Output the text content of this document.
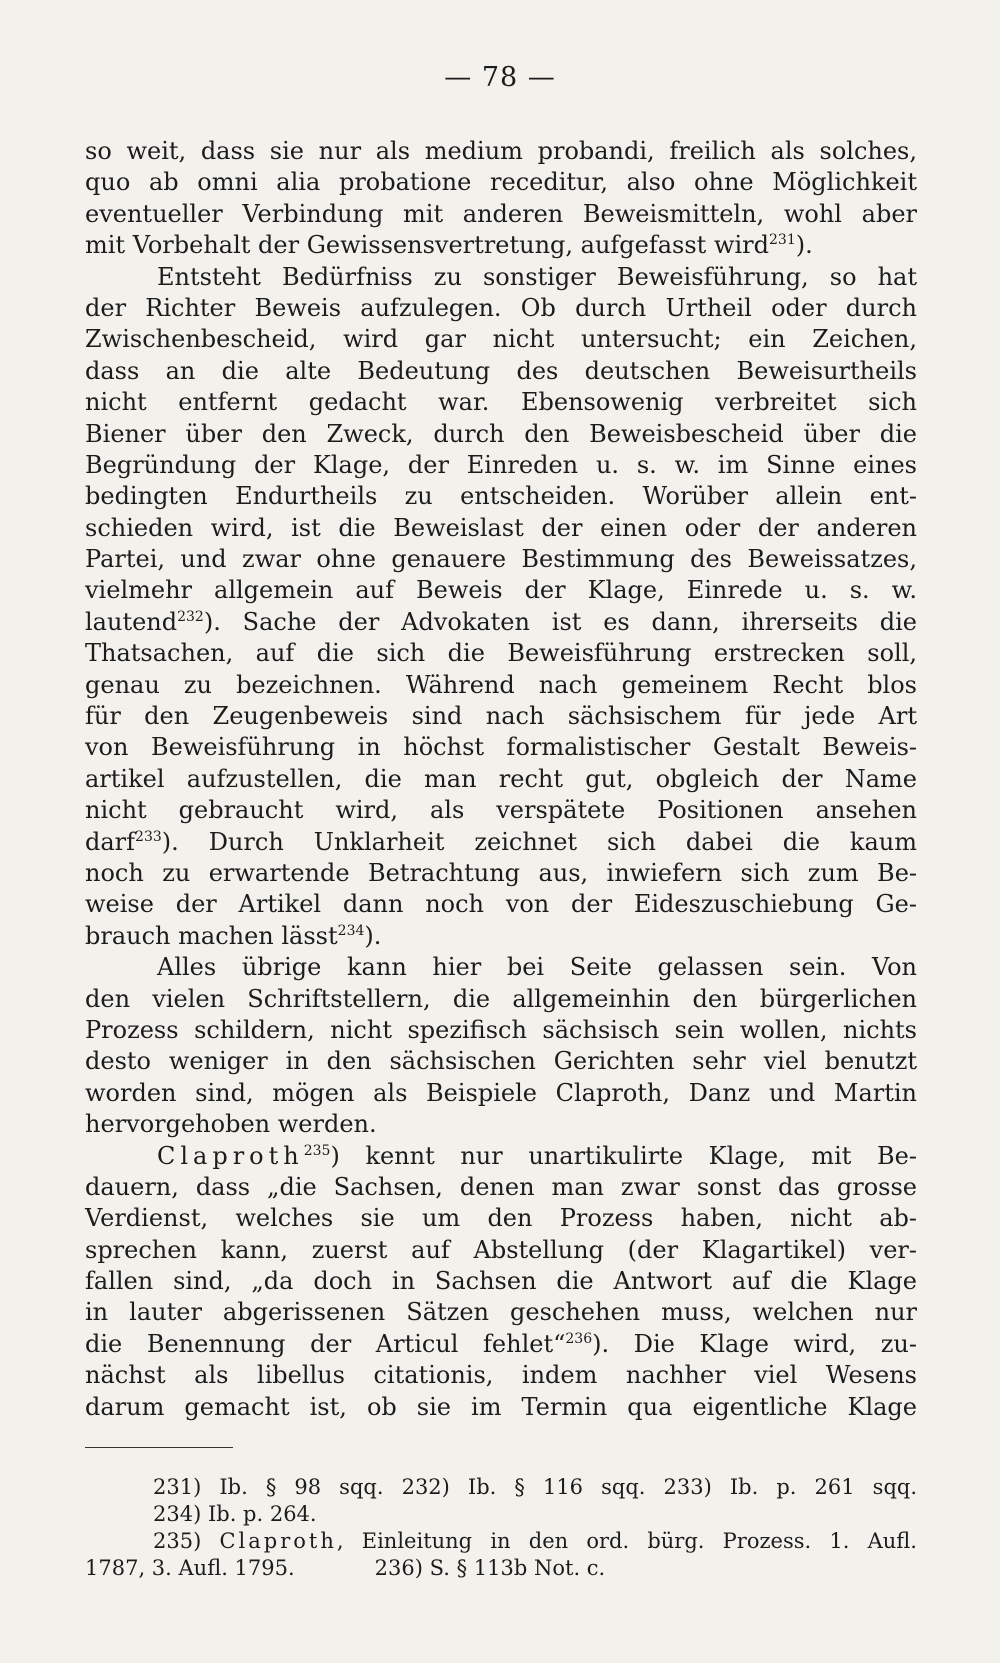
— 78 —
so weit, dass sie nur als medium probandi, freilich als solches,
quo ab omni alia probatione receditur, also ohne Möglichkeit
eventueller Verbindung mit anderen Beweismitteln, wohl aber
mit Vorbehalt der Gewissensvertretung, aufgefasst wird$^{231}$).
Entsteht Bedürfniss zu sonstiger Beweisführung, so hat
der Richter Beweis aufzulegen. Ob durch Urtheil oder durch
Zwischenbescheid, wird gar nicht untersucht; ein Zeichen,
dass an die alte Bedeutung des deutschen Beweisurtheils
nicht entfernt gedacht war. Ebensowenig verbreitet sich
Biener über den Zweck, durch den Beweisbescheid über die
Begründung der Klage, der Einreden u. s. w. im Sinne eines
bedingten Endurtheils zu entscheiden. Worüber allein ent-
schieden wird, ist die Beweislast der einen oder der anderen
Partei, und zwar ohne genauere Bestimmung des Beweissatzes,
vielmehr allgemein auf Beweis der Klage, Einrede u. s. w.
lautend$^{232}$). Sache der Advokaten ist es dann, ihrerseits die
Thatsachen, auf die sich die Beweisführung erstrecken soll,
genau zu bezeichnen. Während nach gemeinem Recht blos
für den Zeugenbeweis sind nach sächsischem für jede Art
von Beweisführung in höchst formalistischer Gestalt Beweis-
artikel aufzustellen, die man recht gut, obgleich der Name
nicht gebraucht wird, als verspätete Positionen ansehen
darf$^{233}$). Durch Unklarheit zeichnet sich dabei die kaum
noch zu erwartende Betrachtung aus, inwiefern sich zum Be-
weise der Artikel dann noch von der Eideszuschiebung Ge-
brauch machen lässt$^{234}$).
Alles übrige kann hier bei Seite gelassen sein. Von
den vielen Schriftstellern, die allgemeinhin den bürgerlichen
Prozess schildern, nicht spezifisch sächsisch sein wollen, nichts
desto weniger in den sächsischen Gerichten sehr viel benutzt
worden sind, mögen als Beispiele Claproth, Danz und Martin
hervorgehoben werden.
Claproth$^{235}$) kennt nur unartikulirte Klage, mit Be-
dauern, dass „die Sachsen, denen man zwar sonst das grosse
Verdienst, welches sie um den Prozess haben, nicht ab-
sprechen kann, zuerst auf Abstellung (der Klagartikel) ver-
fallen sind, „da doch in Sachsen die Antwort auf die Klage
in lauter abgerissenen Sätzen geschehen muss, welchen nur
die Benennung der Articul fehlet“$^{236}$). Die Klage wird, zu-
nächst als libellus citationis, indem nachher viel Wesens
darum gemacht ist, ob sie im Termin qua eigentliche Klage
231) Ib. § 98 sqq. 232) Ib. § 116 sqq. 233) Ib. p. 261 sqq.
234) Ib. p. 264.
235) Claproth, Einleitung in den ord. bürg. Prozess. 1. Aufl.
1787, 3. Aufl. 1795.	236) S. § 113b Not. c.
